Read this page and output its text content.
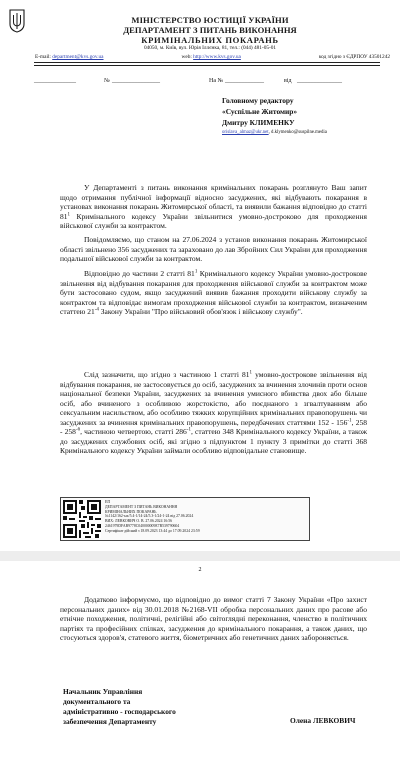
МІНІСТЕРСТВО ЮСТИЦІЇ УКРАЇНИ
ДЕПАРТАМЕНТ З ПИТАНЬ ВИКОНАННЯ
КРИМІНАЛЬНИХ ПОКАРАНЬ
04050, м. Київ, вул. Юрія Іллєнка, 81, тел.: (044) 481-05-01
E-mail: department@kvs.gov.ua	web: http://www.kvs.gov.ua	код згідно з ЄДРПОУ 43501242
______________	№ ________________	На № _____________	від _______________
Головному редактору
«Суспільне Житомир»
Дмитру КЛИМЕНКУ
orislava_almaz@ukr.net, d.klymenko@suspilne.media

У Департаменті з питань виконання кримінальних покарань розглянуто Ваш запит щодо отримання публічної інформації відносно засуджених, які відбувають покарання в установах виконання покарань Житомирської області, та виявили бажання відповідно до статті $81^1$ Кримінального кодексу України звільнитися умовно-достроково для проходження військової служби за контрактом.

Повідомляємо, що станом на 27.06.2024 з установ виконання покарань Житомирської області звільнено 356 засуджених та зараховано до лав Збройних Сил України для проходження подальшої військової служби за контрактом.

Відповідно до частини 2 статті $81^1$ Кримінального кодексу України умовно-дострокове звільнення від відбування покарання для проходження військової служби за контрактом може бути застосовано судом, якщо засуджений виявив бажання проходити військову службу за контрактом та відповідає вимогам проходження військової служби за контрактом, визначеним статтею $21^{-4}$ Закону України "Про військовий обов'язок і військову службу".

Слід зазначити, що згідно з частиною 1 статті $81^1$ умовно-дострокове звільнення від відбування покарання, не застосовується до осіб, засуджених за вчинення злочинів проти основ національної безпеки України, засуджених за вчинення умисного вбивства двох або більше осіб, або вчиненого з особливою жорстокістю, або поєднаного з згвалтуванням або сексуальним насильством, або особливо тяжких корупційних кримінальних правопорушень чи засуджених за вчинення кримінальних правопорушень, передбачених статтями $152 - 156^{-1}$, $258 - 258^{-6}$, частиною четвертою, статті $286^{-1}$, статтею 348 Кримінального кодексу України, а також до засуджених службових осіб, які згідно з підпунктом 1 пункту 3 примітки до статті 368 Кримінального кодексу України займали особливо відповідальне становище.

ЕП
ДЕПАРТАМЕНТ З ПИТАНЬ ВИКОНАННЯ
КРИМІНАЛЬНИХ ПОКАРАНЬ
№1142/162-ых/5.4-1/14-24/5.3-1/24-1-24 від 27.06.2024
ВИХ: ЛЕВКОВИЧ О. В. 27.06.2024 16:56
2461979DFAB9778C040000009E7B539790604
Сертифікат дійсний з 18.09.2023 13:44 до 17.09.2024 23:59
2

Додатково інформуємо, що відповідно до вимог статті 7 Закону України «Про захист персональних даних» від 30.01.2018 №2168-VII обробка персональних даних про расове або етнічне походження, політичні, релігійні або світоглядні переконання, членство в політичних партіях та професійних спілках, засудження до кримінального покарання, а також даних, що стосуються здоров'я, статевого життя, біометричних або генетичних даних забороняється.

Начальник Управління
документального та
адміністративно - господарського
забезпечення Департаменту	Олена ЛЕВКОВИЧ
